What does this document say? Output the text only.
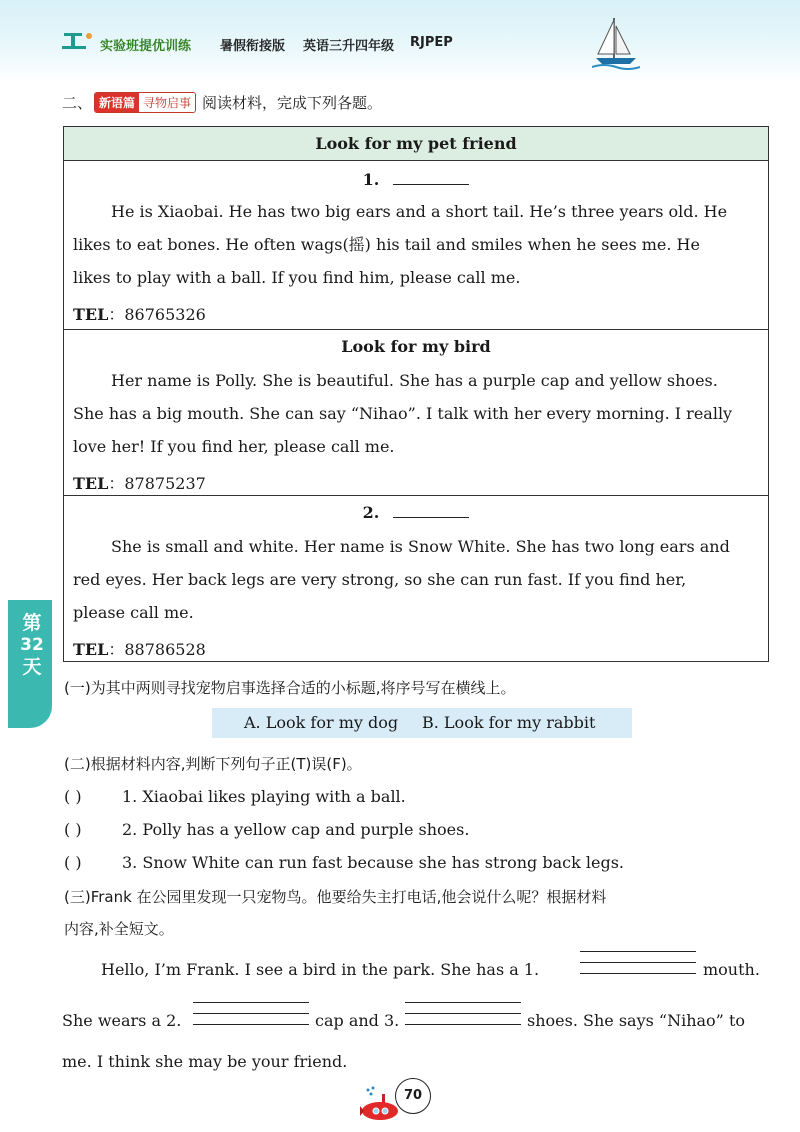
实验班提优训练 暑假衔接版 英语三升四年级 RJPEP
二、 新语篇 寻物启事 阅读材料，完成下列各题。
Look for my pet friend
1.
He is Xiaobai. He has two big ears and a short tail. He’s three years old. He
likes to eat bones. He often wags(摇) his tail and smiles when he sees me. He
likes to play with a ball. If you find him, please call me.
TEL：86765326
Look for my bird
Her name is Polly. She is beautiful. She has a purple cap and yellow shoes.
She has a big mouth. She can say “Nihao”. I talk with her every morning. I really
love her! If you find her, please call me.
TEL：87875237
2.
She is small and white. Her name is Snow White. She has two long ears and
red eyes. Her back legs are very strong, so she can run fast. If you find her,
please call me.
TEL：88786528
第
32
天
(一)为其中两则寻找宠物启事选择合适的小标题,将序号写在横线上。
A. Look for my dog B. Look for my rabbit
(二)根据材料内容,判断下列句子正(T)误(F)。
( )	1. Xiaobai likes playing with a ball.
( )	2. Polly has a yellow cap and purple shoes.
( )	3. Snow White can run fast because she has strong back legs.
(三)Frank 在公园里发现一只宠物鸟。他要给失主打电话,他会说什么呢？根据材料
内容,补全短文。
Hello, I’m Frank. I see a bird in the park. She has a 1.	mouth.
She wears a 2.	cap and 3.	shoes. She says “Nihao” to
me. I think she may be your friend.
70
